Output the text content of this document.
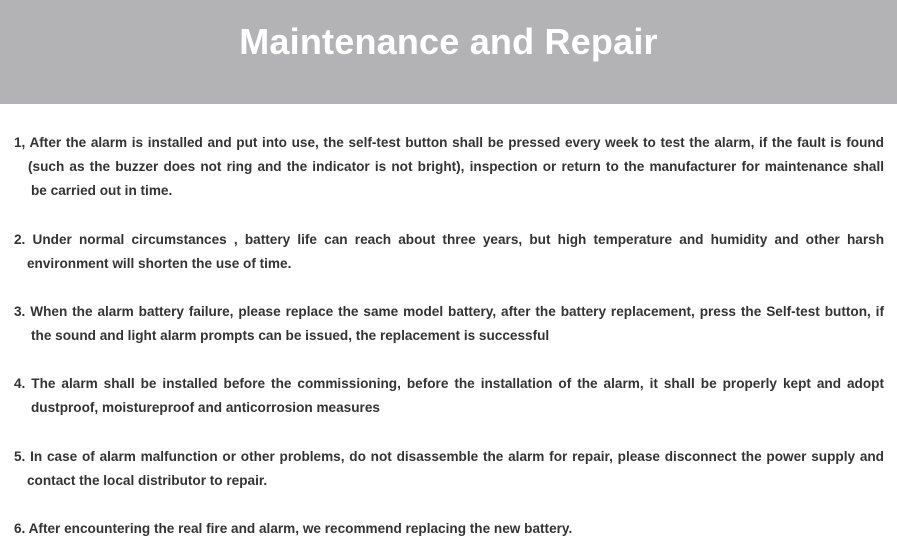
Maintenance and Repair
1, After the alarm is installed and put into use, the self-test button shall be pressed every week to test the alarm, if the fault is found
(such as the buzzer does not ring and the indicator is not bright), inspection or return to the manufacturer for maintenance shall
be carried out in time.
2. Under normal circumstances , battery life can reach about three years, but high temperature and humidity and other harsh
environment will shorten the use of time.
3. When the alarm battery failure, please replace the same model battery, after the battery replacement, press the Self-test button, if
the sound and light alarm prompts can be issued, the replacement is successful
4. The alarm shall be installed before the commissioning, before the installation of the alarm, it shall be properly kept and adopt
dustproof, moistureproof and anticorrosion measures
5. In case of alarm malfunction or other problems, do not disassemble the alarm for repair, please disconnect the power supply and
contact the local distributor to repair.
6. After encountering the real fire and alarm, we recommend replacing the new battery.
